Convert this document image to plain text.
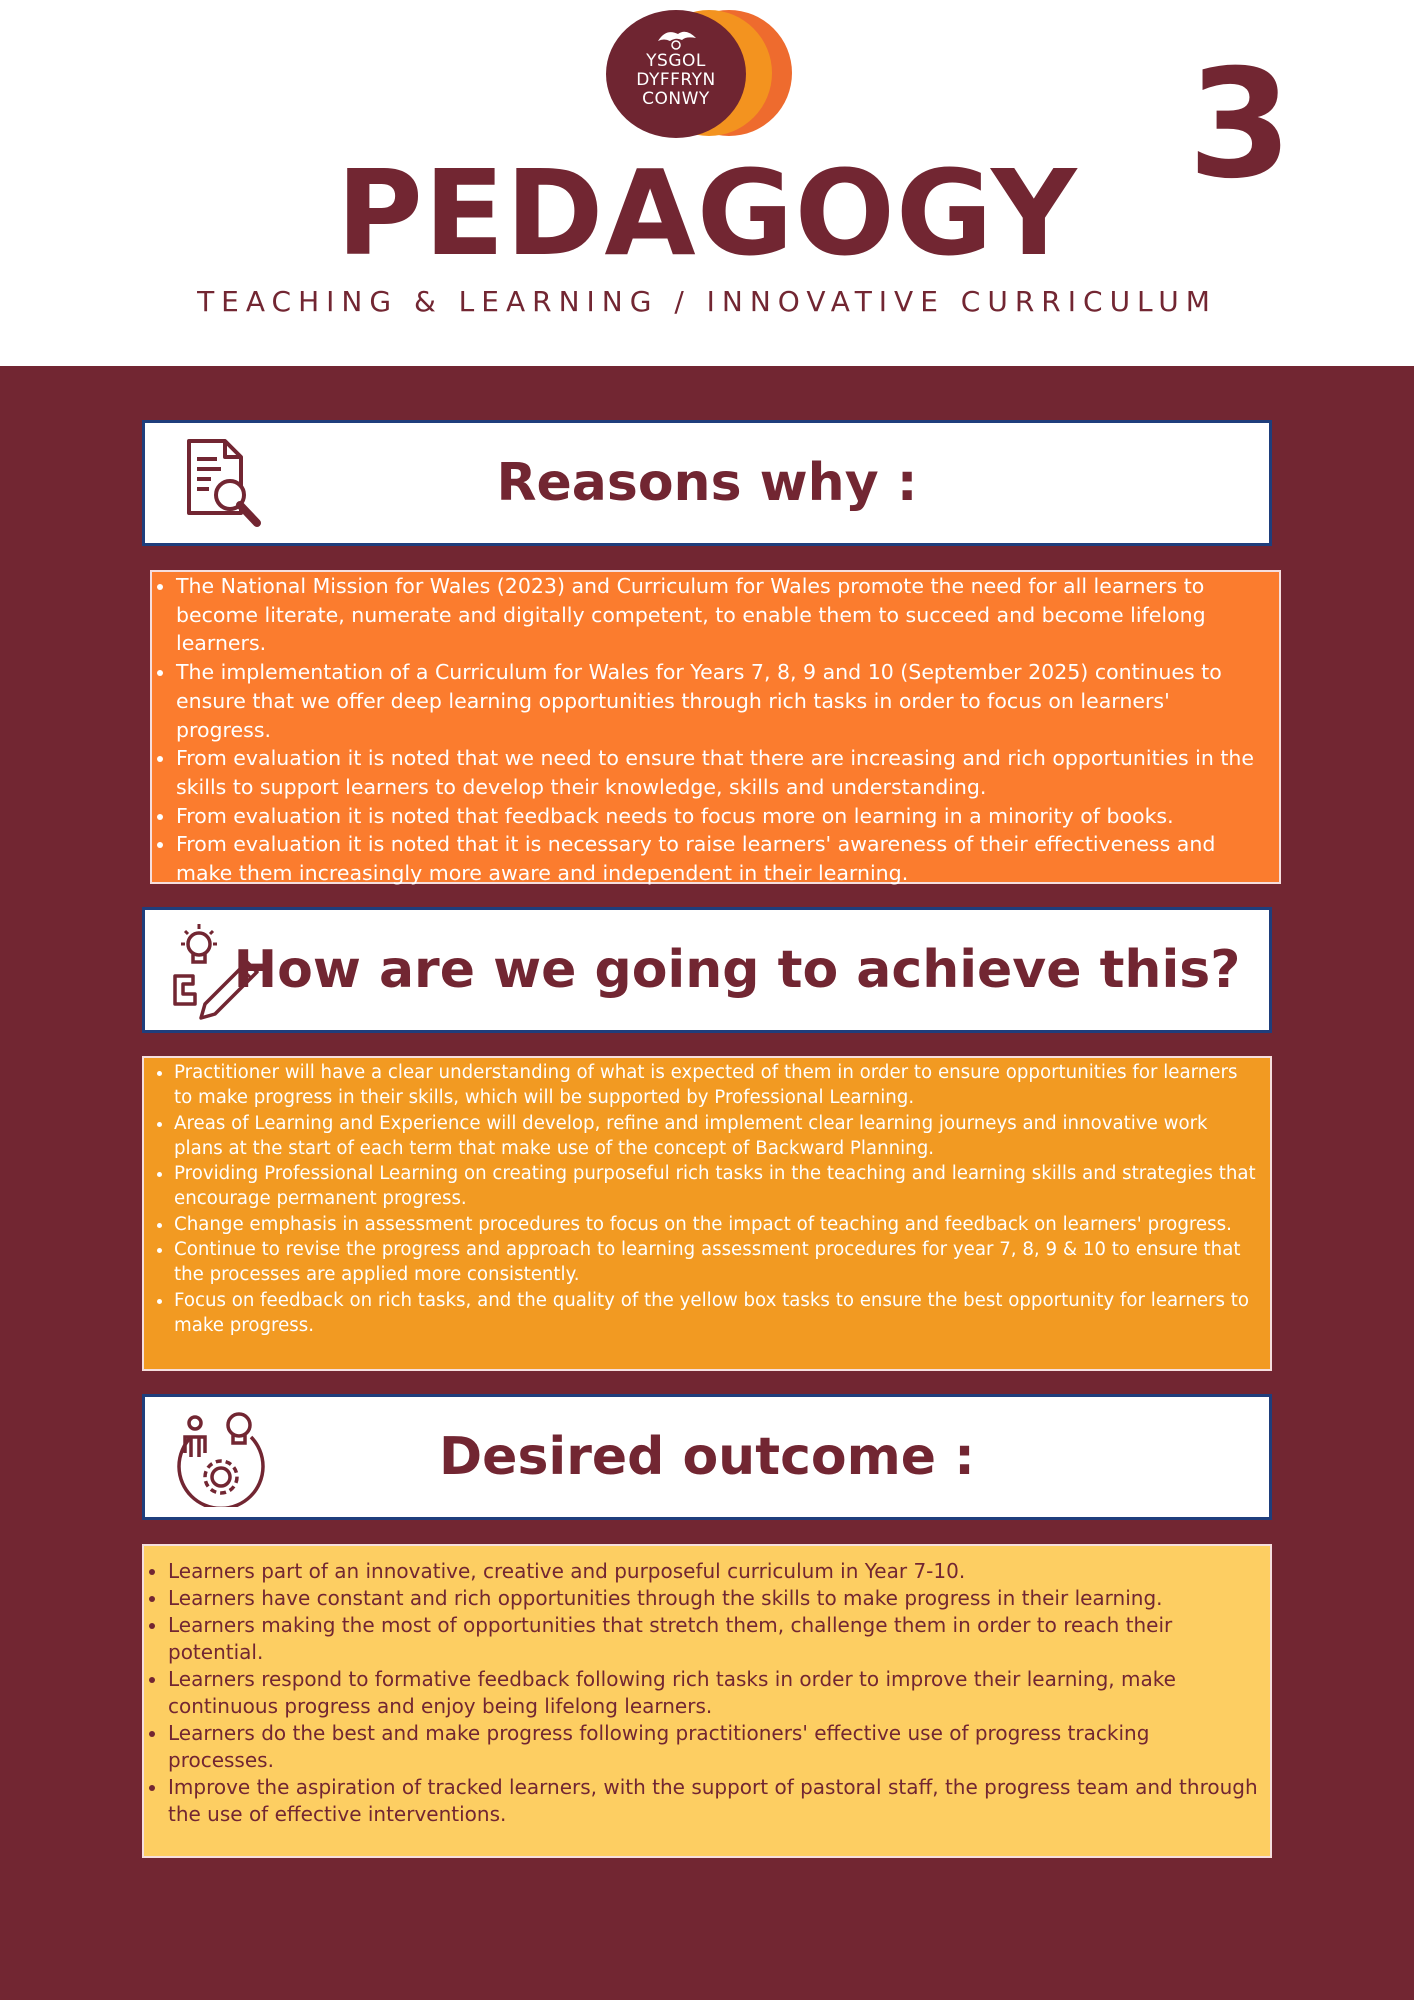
YSGOL
DYFFRYN
CONWY	3
PEDAGOGY
TEACHING & LEARNING / INNOVATIVE CURRICULUM
Reasons why :
• The National Mission for Wales (2023) and Curriculum for Wales promote the need for all learners to become literate, numerate and digitally competent, to enable them to succeed and become lifelong learners.
• The implementation of a Curriculum for Wales for Years 7, 8, 9 and 10 (September 2025) continues to ensure that we offer deep learning opportunities through rich tasks in order to focus on learners' progress.
• From evaluation it is noted that we need to ensure that there are increasing and rich opportunities in the skills to support learners to develop their knowledge, skills and understanding.
• From evaluation it is noted that feedback needs to focus more on learning in a minority of books.
• From evaluation it is noted that it is necessary to raise learners' awareness of their effectiveness and make them increasingly more aware and independent in their learning.
How are we going to achieve this?
• Practitioner will have a clear understanding of what is expected of them in order to ensure opportunities for learners to make progress in their skills, which will be supported by Professional Learning.
• Areas of Learning and Experience will develop, refine and implement clear learning journeys and innovative work plans at the start of each term that make use of the concept of Backward Planning.
• Providing Professional Learning on creating purposeful rich tasks in the teaching and learning skills and strategies that encourage permanent progress.
• Change emphasis in assessment procedures to focus on the impact of teaching and feedback on learners' progress.
• Continue to revise the progress and approach to learning assessment procedures for year 7, 8, 9 & 10 to ensure that the processes are applied more consistently.
• Focus on feedback on rich tasks, and the quality of the yellow box tasks to ensure the best opportunity for learners to make progress.
Desired outcome :
• Learners part of an innovative, creative and purposeful curriculum in Year 7-10.
• Learners have constant and rich opportunities through the skills to make progress in their learning.
• Learners making the most of opportunities that stretch them, challenge them in order to reach their potential.
• Learners respond to formative feedback following rich tasks in order to improve their learning, make continuous progress and enjoy being lifelong learners.
• Learners do the best and make progress following practitioners' effective use of progress tracking processes.
• Improve the aspiration of tracked learners, with the support of pastoral staff, the progress team and through the use of effective interventions.
